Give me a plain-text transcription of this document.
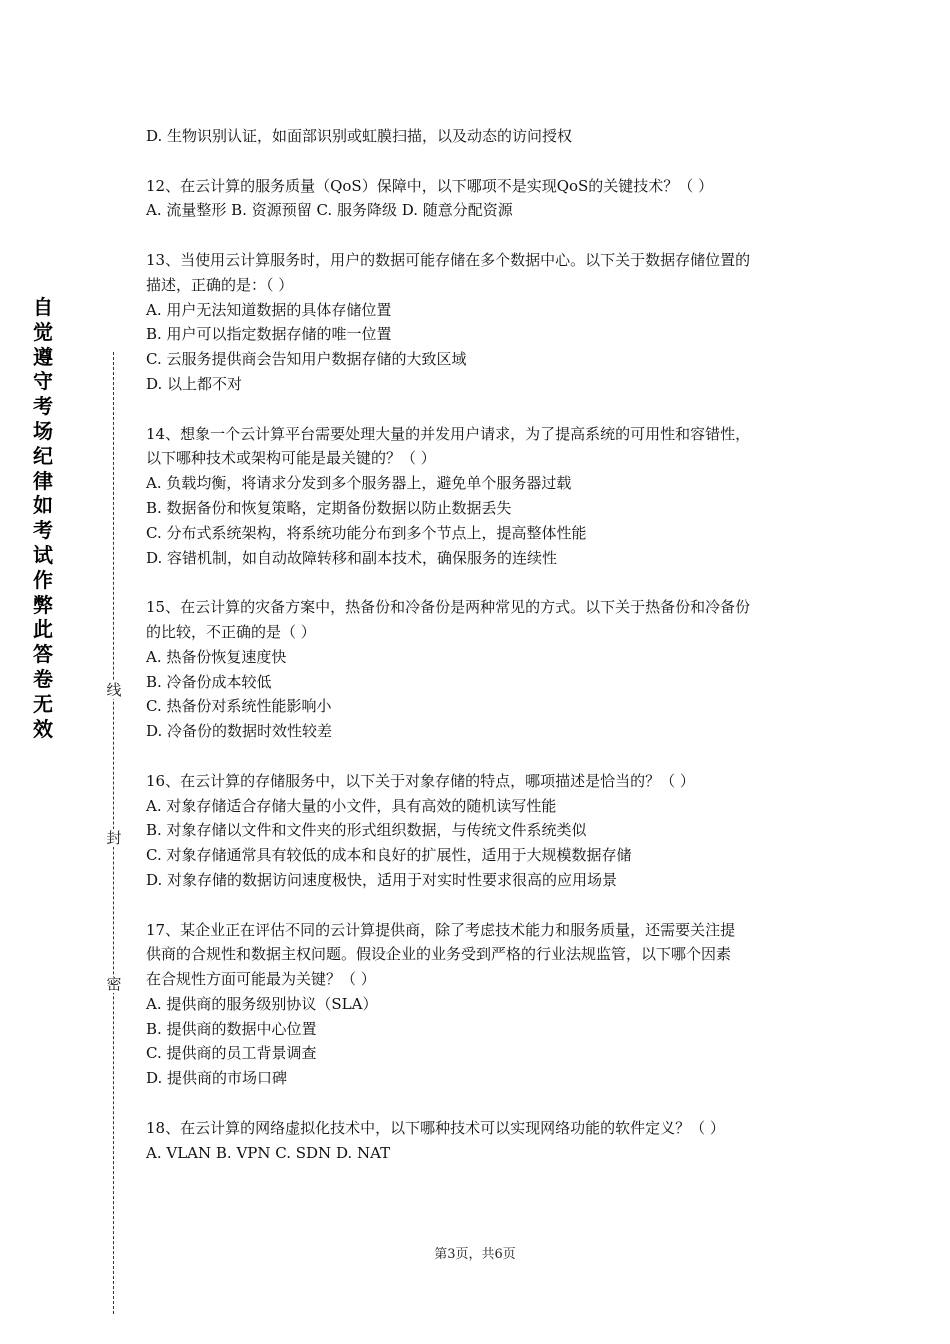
自觉遵守考场纪律如考试作弊此答卷无效
线
封
密
D. 生物识别认证，如面部识别或虹膜扫描，以及动态的访问授权
12、在云计算的服务质量（QoS）保障中，以下哪项不是实现QoS的关键技术？（ ）
A. 流量整形 B. 资源预留 C. 服务降级 D. 随意分配资源
13、当使用云计算服务时，用户的数据可能存储在多个数据中心。以下关于数据存储位置的
描述，正确的是：（ ）
A. 用户无法知道数据的具体存储位置
B. 用户可以指定数据存储的唯一位置
C. 云服务提供商会告知用户数据存储的大致区域
D. 以上都不对
14、想象一个云计算平台需要处理大量的并发用户请求，为了提高系统的可用性和容错性，
以下哪种技术或架构可能是最关键的？（ ）
A. 负载均衡，将请求分发到多个服务器上，避免单个服务器过载
B. 数据备份和恢复策略，定期备份数据以防止数据丢失
C. 分布式系统架构，将系统功能分布到多个节点上，提高整体性能
D. 容错机制，如自动故障转移和副本技术，确保服务的连续性
15、在云计算的灾备方案中，热备份和冷备份是两种常见的方式。以下关于热备份和冷备份
的比较，不正确的是（ ）
A. 热备份恢复速度快
B. 冷备份成本较低
C. 热备份对系统性能影响小
D. 冷备份的数据时效性较差
16、在云计算的存储服务中，以下关于对象存储的特点，哪项描述是恰当的？（ ）
A. 对象存储适合存储大量的小文件，具有高效的随机读写性能
B. 对象存储以文件和文件夹的形式组织数据，与传统文件系统类似
C. 对象存储通常具有较低的成本和良好的扩展性，适用于大规模数据存储
D. 对象存储的数据访问速度极快，适用于对实时性要求很高的应用场景
17、某企业正在评估不同的云计算提供商，除了考虑技术能力和服务质量，还需要关注提
供商的合规性和数据主权问题。假设企业的业务受到严格的行业法规监管，以下哪个因素
在合规性方面可能最为关键？（ ）
A. 提供商的服务级别协议（SLA）
B. 提供商的数据中心位置
C. 提供商的员工背景调查
D. 提供商的市场口碑
18、在云计算的网络虚拟化技术中，以下哪种技术可以实现网络功能的软件定义？（ ）
A. VLAN B. VPN C. SDN D. NAT
第3页，共6页
